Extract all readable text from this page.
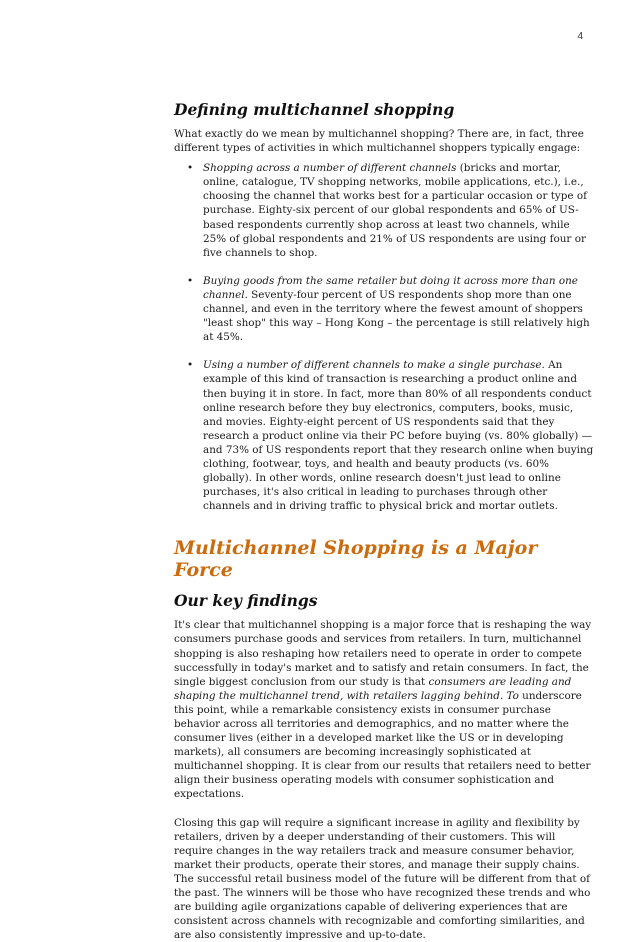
4
Defining multichannel shopping

What exactly do we mean by multichannel shopping? There are, in fact, three different types of activities in which multichannel shoppers typically engage:

• Shopping across a number of different channels (bricks and mortar, online, catalogue, TV shopping networks, mobile applications, etc.), i.e., choosing the channel that works best for a particular occasion or type of purchase. Eighty-six percent of our global respondents and 65% of US-based respondents currently shop across at least two channels, while 25% of global respondents and 21% of US respondents are using four or five channels to shop.
• Buying goods from the same retailer but doing it across more than one channel. Seventy-four percent of US respondents shop more than one channel, and even in the territory where the fewest amount of shoppers "least shop" this way – Hong Kong – the percentage is still relatively high at 45%.
• Using a number of different channels to make a single purchase. An example of this kind of transaction is researching a product online and then buying it in store. In fact, more than 80% of all respondents conduct online research before they buy electronics, computers, books, music, and movies. Eighty-eight percent of US respondents said that they research a product online via their PC before buying (vs. 80% globally) — and 73% of US respondents report that they research online when buying clothing, footwear, toys, and health and beauty products (vs. 60% globally). In other words, online research doesn't just lead to online purchases, it's also critical in leading to purchases through other channels and in driving traffic to physical brick and mortar outlets.
Multichannel Shopping is a Major Force
Our key findings

It's clear that multichannel shopping is a major force that is reshaping the way consumers purchase goods and services from retailers. In turn, multichannel shopping is also reshaping how retailers need to operate in order to compete successfully in today's market and to satisfy and retain consumers. In fact, the single biggest conclusion from our study is that consumers are leading and shaping the multichannel trend, with retailers lagging behind. To underscore this point, while a remarkable consistency exists in consumer purchase behavior across all territories and demographics, and no matter where the consumer lives (either in a developed market like the US or in developing markets), all consumers are becoming increasingly sophisticated at multichannel shopping. It is clear from our results that retailers need to better align their business operating models with consumer sophistication and expectations.

Closing this gap will require a significant increase in agility and flexibility by retailers, driven by a deeper understanding of their customers. This will require changes in the way retailers track and measure consumer behavior, market their products, operate their stores, and manage their supply chains. The successful retail business model of the future will be different from that of the past. The winners will be those who have recognized these trends and who are building agile organizations capable of delivering experiences that are consistent across channels with recognizable and comforting similarities, and are also consistently impressive and up-to-date.
